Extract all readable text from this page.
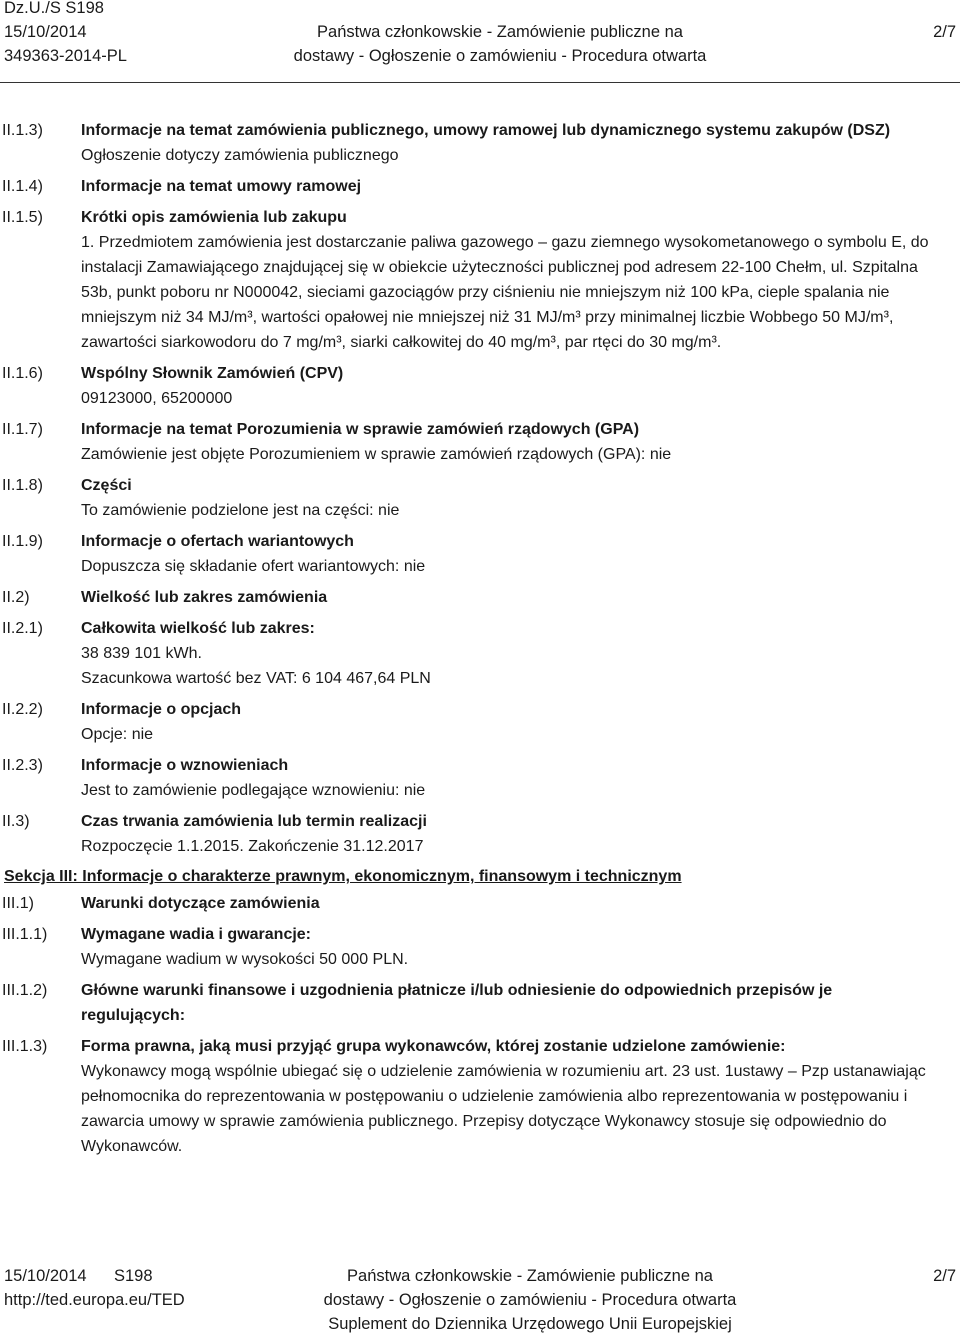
Dz.U./S S198
15/10/2014
349363-2014-PL
Państwa członkowskie - Zamówienie publiczne na
dostawy - Ogłoszenie o zamówieniu - Procedura otwarta
2/7
II.1.3)	Informacje na temat zamówienia publicznego, umowy ramowej lub dynamicznego systemu zakupów (DSZ)
Ogłoszenie dotyczy zamówienia publicznego
II.1.4)	Informacje na temat umowy ramowej
II.1.5)	Krótki opis zamówienia lub zakupu
1. Przedmiotem zamówienia jest dostarczanie paliwa gazowego – gazu ziemnego wysokometanowego o symbolu E, do instalacji Zamawiającego znajdującej się w obiekcie użyteczności publicznej pod adresem 22-100 Chełm, ul. Szpitalna 53b, punkt poboru nr N000042, sieciami gazociągów przy ciśnieniu nie mniejszym niż 100 kPa, cieple spalania nie mniejszym niż 34 MJ/m³, wartości opałowej nie mniejszej niż 31 MJ/m³ przy minimalnej liczbie Wobbego 50 MJ/m³, zawartości siarkowodoru do 7 mg/m³, siarki całkowitej do 40 mg/m³, par rtęci do 30 mg/m³.
II.1.6)	Wspólny Słownik Zamówień (CPV)
09123000, 65200000
II.1.7)	Informacje na temat Porozumienia w sprawie zamówień rządowych (GPA)
Zamówienie jest objęte Porozumieniem w sprawie zamówień rządowych (GPA): nie
II.1.8)	Części
To zamówienie podzielone jest na części: nie
II.1.9)	Informacje o ofertach wariantowych
Dopuszcza się składanie ofert wariantowych: nie
II.2)	Wielkość lub zakres zamówienia
II.2.1)	Całkowita wielkość lub zakres:
38 839 101 kWh.
Szacunkowa wartość bez VAT: 6 104 467,64 PLN
II.2.2)	Informacje o opcjach
Opcje: nie
II.2.3)	Informacje o wznowieniach
Jest to zamówienie podlegające wznowieniu: nie
II.3)	Czas trwania zamówienia lub termin realizacji
Rozpoczęcie 1.1.2015. Zakończenie 31.12.2017
Sekcja III: Informacje o charakterze prawnym, ekonomicznym, finansowym i technicznym
III.1)	Warunki dotyczące zamówienia
III.1.1)	Wymagane wadia i gwarancje:
Wymagane wadium w wysokości 50 000 PLN.
III.1.2)	Główne warunki finansowe i uzgodnienia płatnicze i/lub odniesienie do odpowiednich przepisów je regulujących:
III.1.3)	Forma prawna, jaką musi przyjąć grupa wykonawców, której zostanie udzielone zamówienie:
Wykonawcy mogą wspólnie ubiegać się o udzielenie zamówienia w rozumieniu art. 23 ust. 1ustawy – Pzp ustanawiając pełnomocnika do reprezentowania w postępowaniu o udzielenie zamówienia albo reprezentowania w postępowaniu i zawarcia umowy w sprawie zamówienia publicznego. Przepisy dotyczące Wykonawcy stosuje się odpowiednio do Wykonawców.
15/10/2014 S198
http://ted.europa.eu/TED
Państwa członkowskie - Zamówienie publiczne na
dostawy - Ogłoszenie o zamówieniu - Procedura otwarta
Suplement do Dziennika Urzędowego Unii Europejskiej
2/7
